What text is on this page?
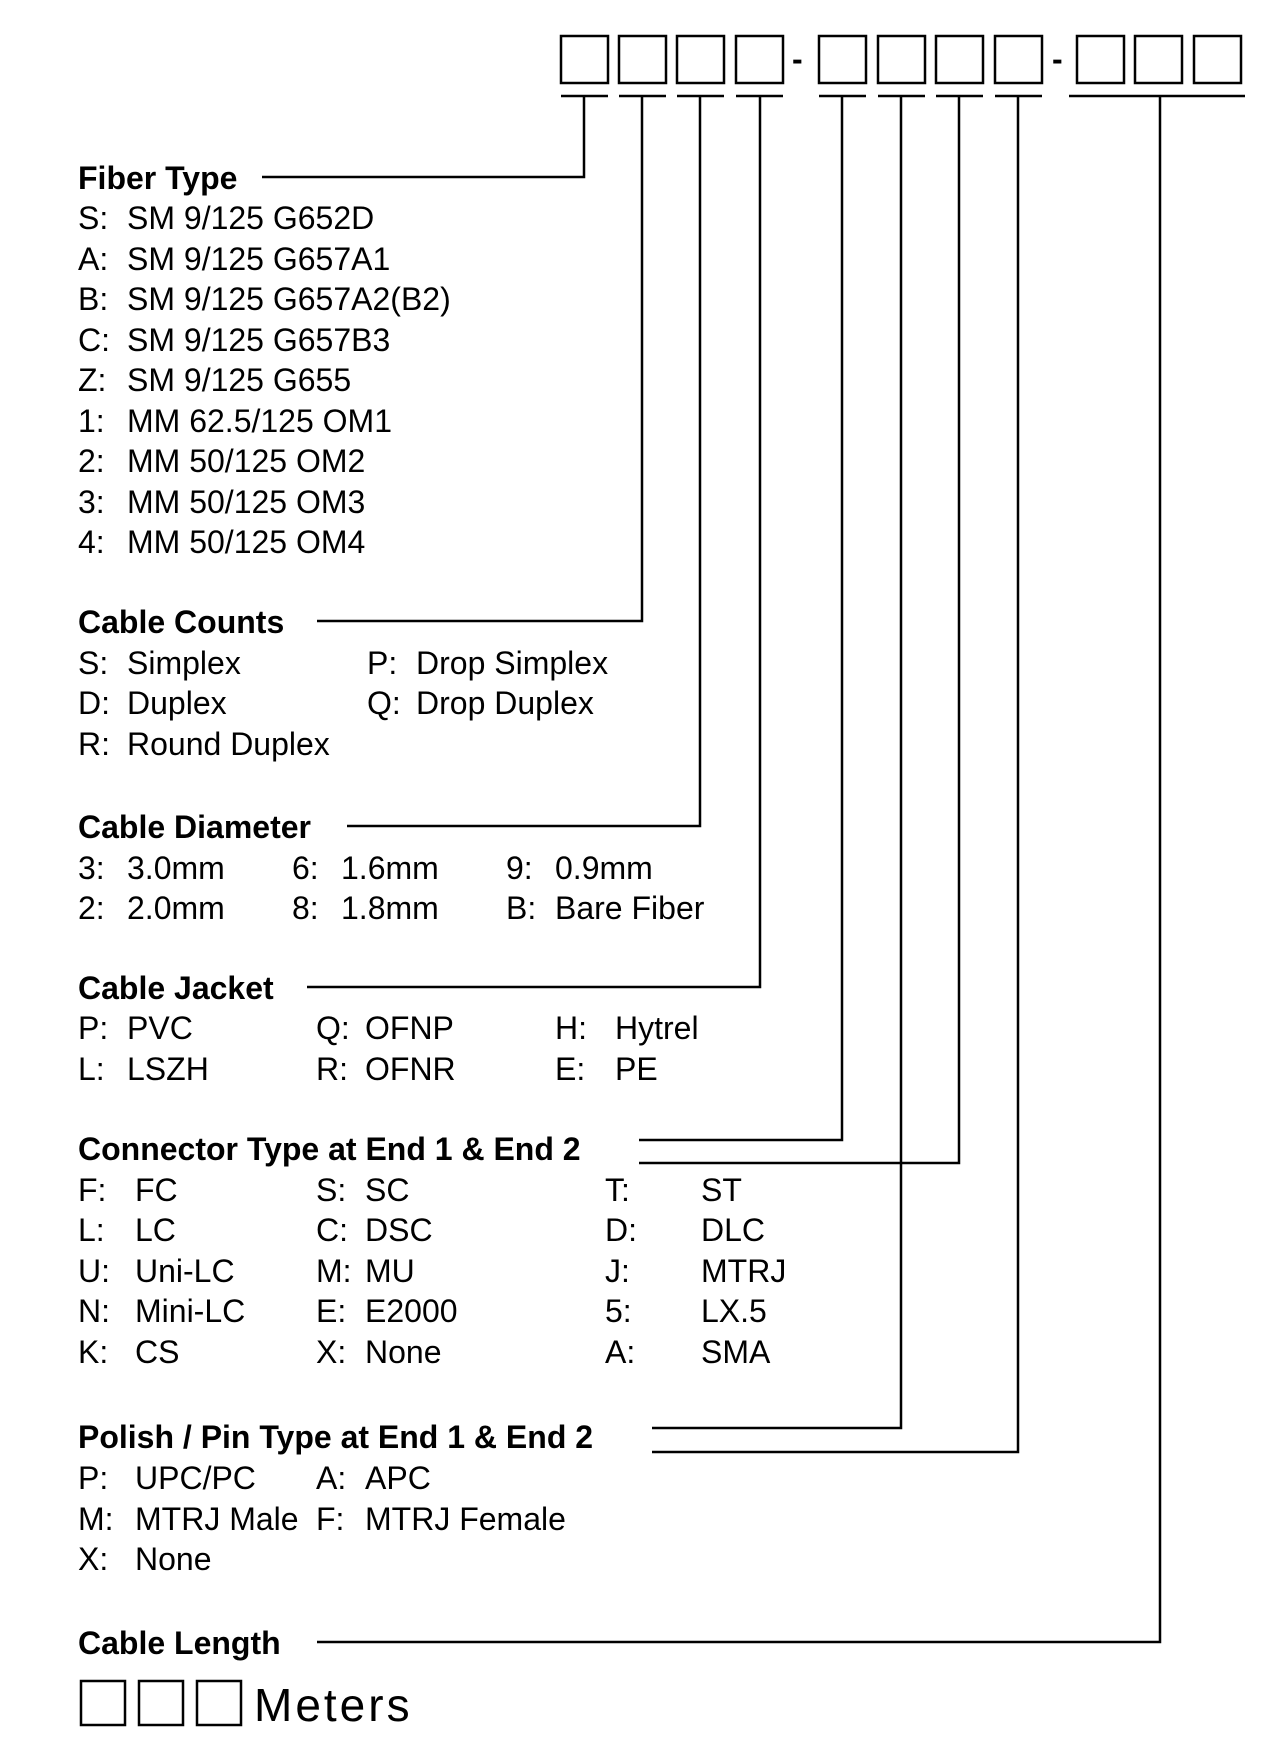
-	-
Fiber Type
S: SM 9/125 G652D
A: SM 9/125 G657A1
B: SM 9/125 G657A2(B2)
C: SM 9/125 G657B3
Z: SM 9/125 G655
1: MM 62.5/125 OM1
2: MM 50/125 OM2
3: MM 50/125 OM3
4: MM 50/125 OM4
Cable Counts
S: Simplex	P: Drop Simplex
D: Duplex	Q: Drop Duplex
R: Round Duplex
Cable Diameter
3: 3.0mm 6: 1.6mm 9: 0.9mm
2: 2.0mm 8: 1.8mm B: Bare Fiber
Cable Jacket
P: PVC	Q: OFNP	H: Hytrel
L: LSZH	R: OFNR	E: PE
Connector Type at End 1 & End 2
F: FC	S: SC	T: ST
L: LC	C: DSC	D: DLC
U: Uni-LC	M: MU	J: MTRJ
N: Mini-LC E: E2000	5: LX.5
K: CS	X: None	A: SMA
Polish / Pin Type at End 1 & End 2
P: UPC/PC A: APC
M: MTRJ Male F: MTRJ Female
X: None
Cable Length
Meters
